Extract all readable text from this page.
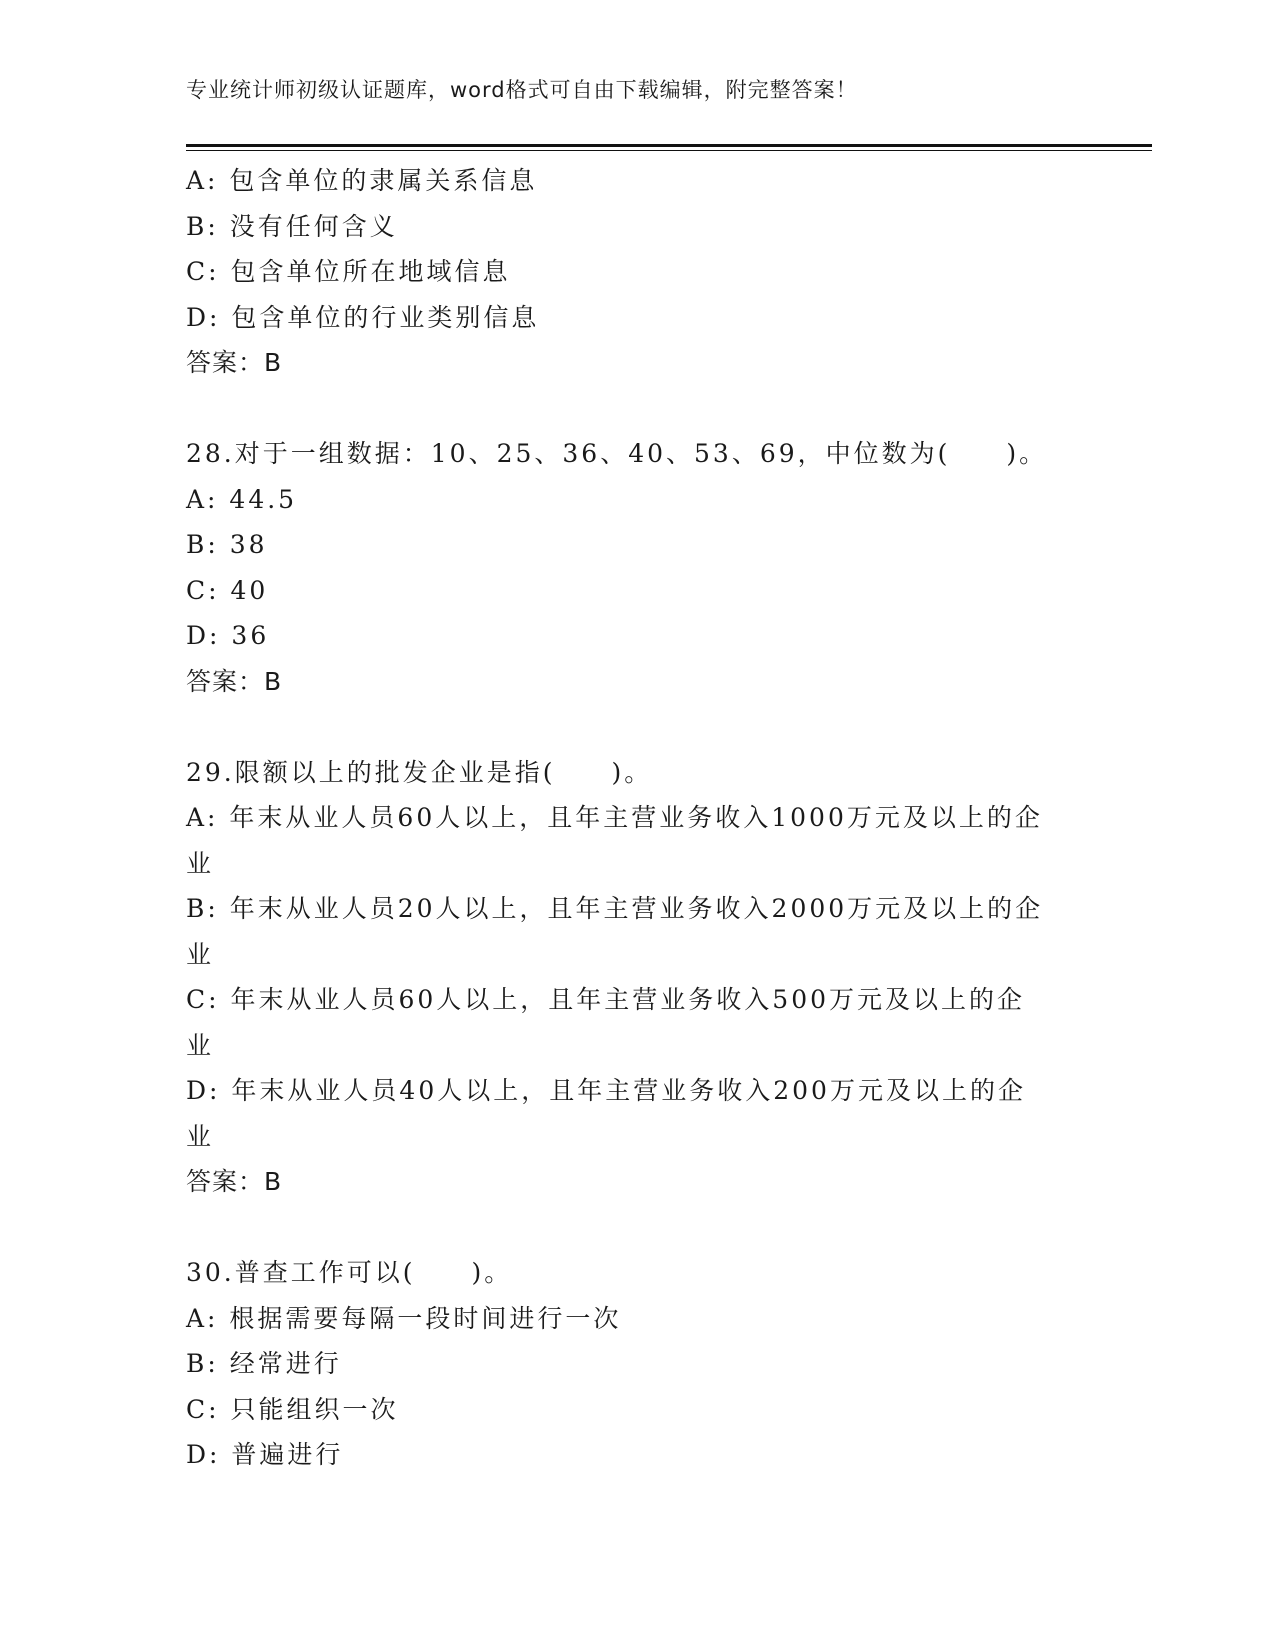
专业统计师初级认证题库，word格式可自由下载编辑，附完整答案！
A: 包含单位的隶属关系信息
B: 没有任何含义
C: 包含单位所在地域信息
D: 包含单位的行业类别信息
答案：B
28.对于一组数据：10、25、36、40、53、69，中位数为(　　)。
A: 44.5
B: 38
C: 40
D: 36
答案：B
29.限额以上的批发企业是指(　　)。
A: 年末从业人员60人以上，且年主营业务收入1000万元及以上的企
业
B: 年末从业人员20人以上，且年主营业务收入2000万元及以上的企
业
C: 年末从业人员60人以上，且年主营业务收入500万元及以上的企
业
D: 年末从业人员40人以上，且年主营业务收入200万元及以上的企
业
答案：B
30.普查工作可以(　　)。
A: 根据需要每隔一段时间进行一次
B: 经常进行
C: 只能组织一次
D: 普遍进行
